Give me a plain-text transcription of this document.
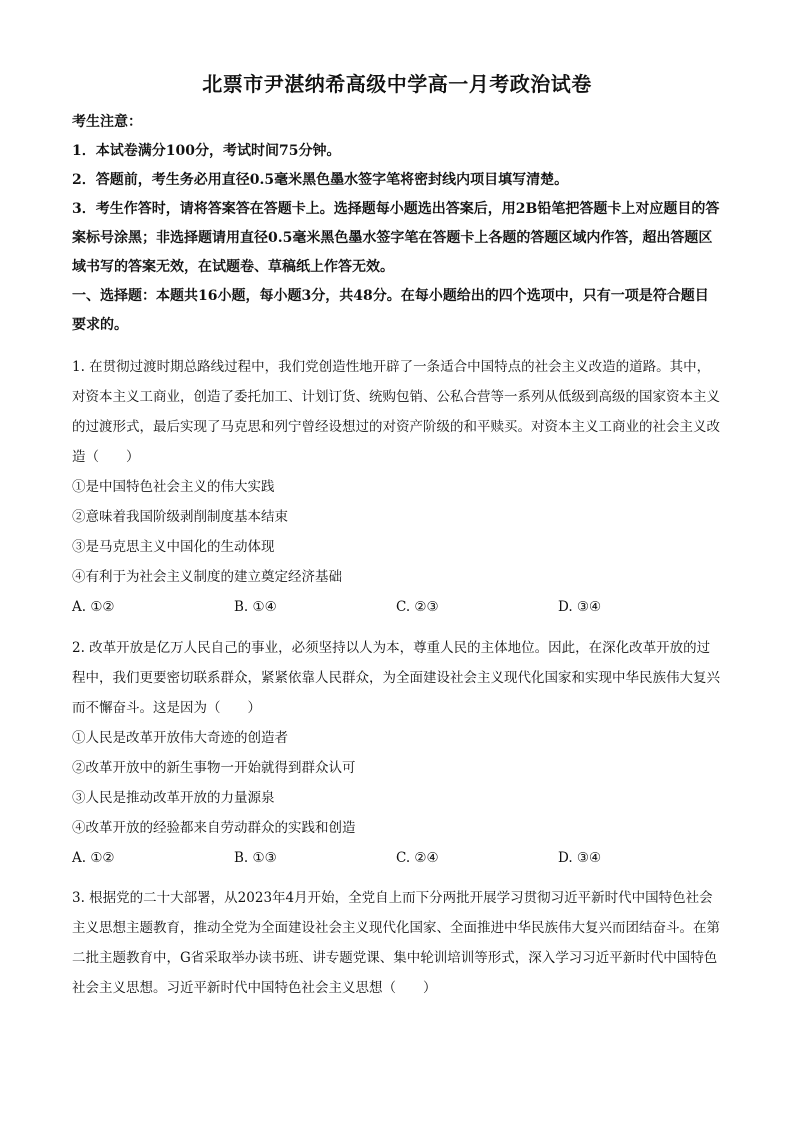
北票市尹湛纳希高级中学高一月考政治试卷

考生注意：

1．本试卷满分100分，考试时间75分钟。

2．答题前，考生务必用直径0.5毫米黑色墨水签字笔将密封线内项目填写清楚。

3．考生作答时，请将答案答在答题卡上。选择题每小题选出答案后，用2B铅笔把答题卡上对应题目的答案标号涂黑；非选择题请用直径0.5毫米黑色墨水签字笔在答题卡上各题的答题区域内作答，超出答题区域书写的答案无效，在试题卷、草稿纸上作答无效。

一、选择题：本题共16小题，每小题3分，共48分。在每小题给出的四个选项中，只有一项是符合题目要求的。

1. 在贯彻过渡时期总路线过程中，我们党创造性地开辟了一条适合中国特点的社会主义改造的道路。其中，对资本主义工商业，创造了委托加工、计划订货、统购包销、公私合营等一系列从低级到高级的国家资本主义的过渡形式，最后实现了马克思和列宁曾经设想过的对资产阶级的和平赎买。对资本主义工商业的社会主义改造（　　）

①是中国特色社会主义的伟大实践

②意味着我国阶级剥削制度基本结束

③是马克思主义中国化的生动体现

④有利于为社会主义制度的建立奠定经济基础

A. ①②	B. ①④	C. ②③	D. ③④

2. 改革开放是亿万人民自己的事业，必须坚持以人为本，尊重人民的主体地位。因此，在深化改革开放的过程中，我们更要密切联系群众，紧紧依靠人民群众，为全面建设社会主义现代化国家和实现中华民族伟大复兴而不懈奋斗。这是因为（　　）

①人民是改革开放伟大奇迹的创造者

②改革开放中的新生事物一开始就得到群众认可

③人民是推动改革开放的力量源泉

④改革开放的经验都来自劳动群众的实践和创造

A. ①②	B. ①③	C. ②④	D. ③④

3. 根据党的二十大部署，从2023年4月开始，全党自上而下分两批开展学习贯彻习近平新时代中国特色社会主义思想主题教育，推动全党为全面建设社会主义现代化国家、全面推进中华民族伟大复兴而团结奋斗。在第二批主题教育中，G省采取举办读书班、讲专题党课、集中轮训培训等形式，深入学习习近平新时代中国特色社会主义思想。习近平新时代中国特色社会主义思想（　　）
